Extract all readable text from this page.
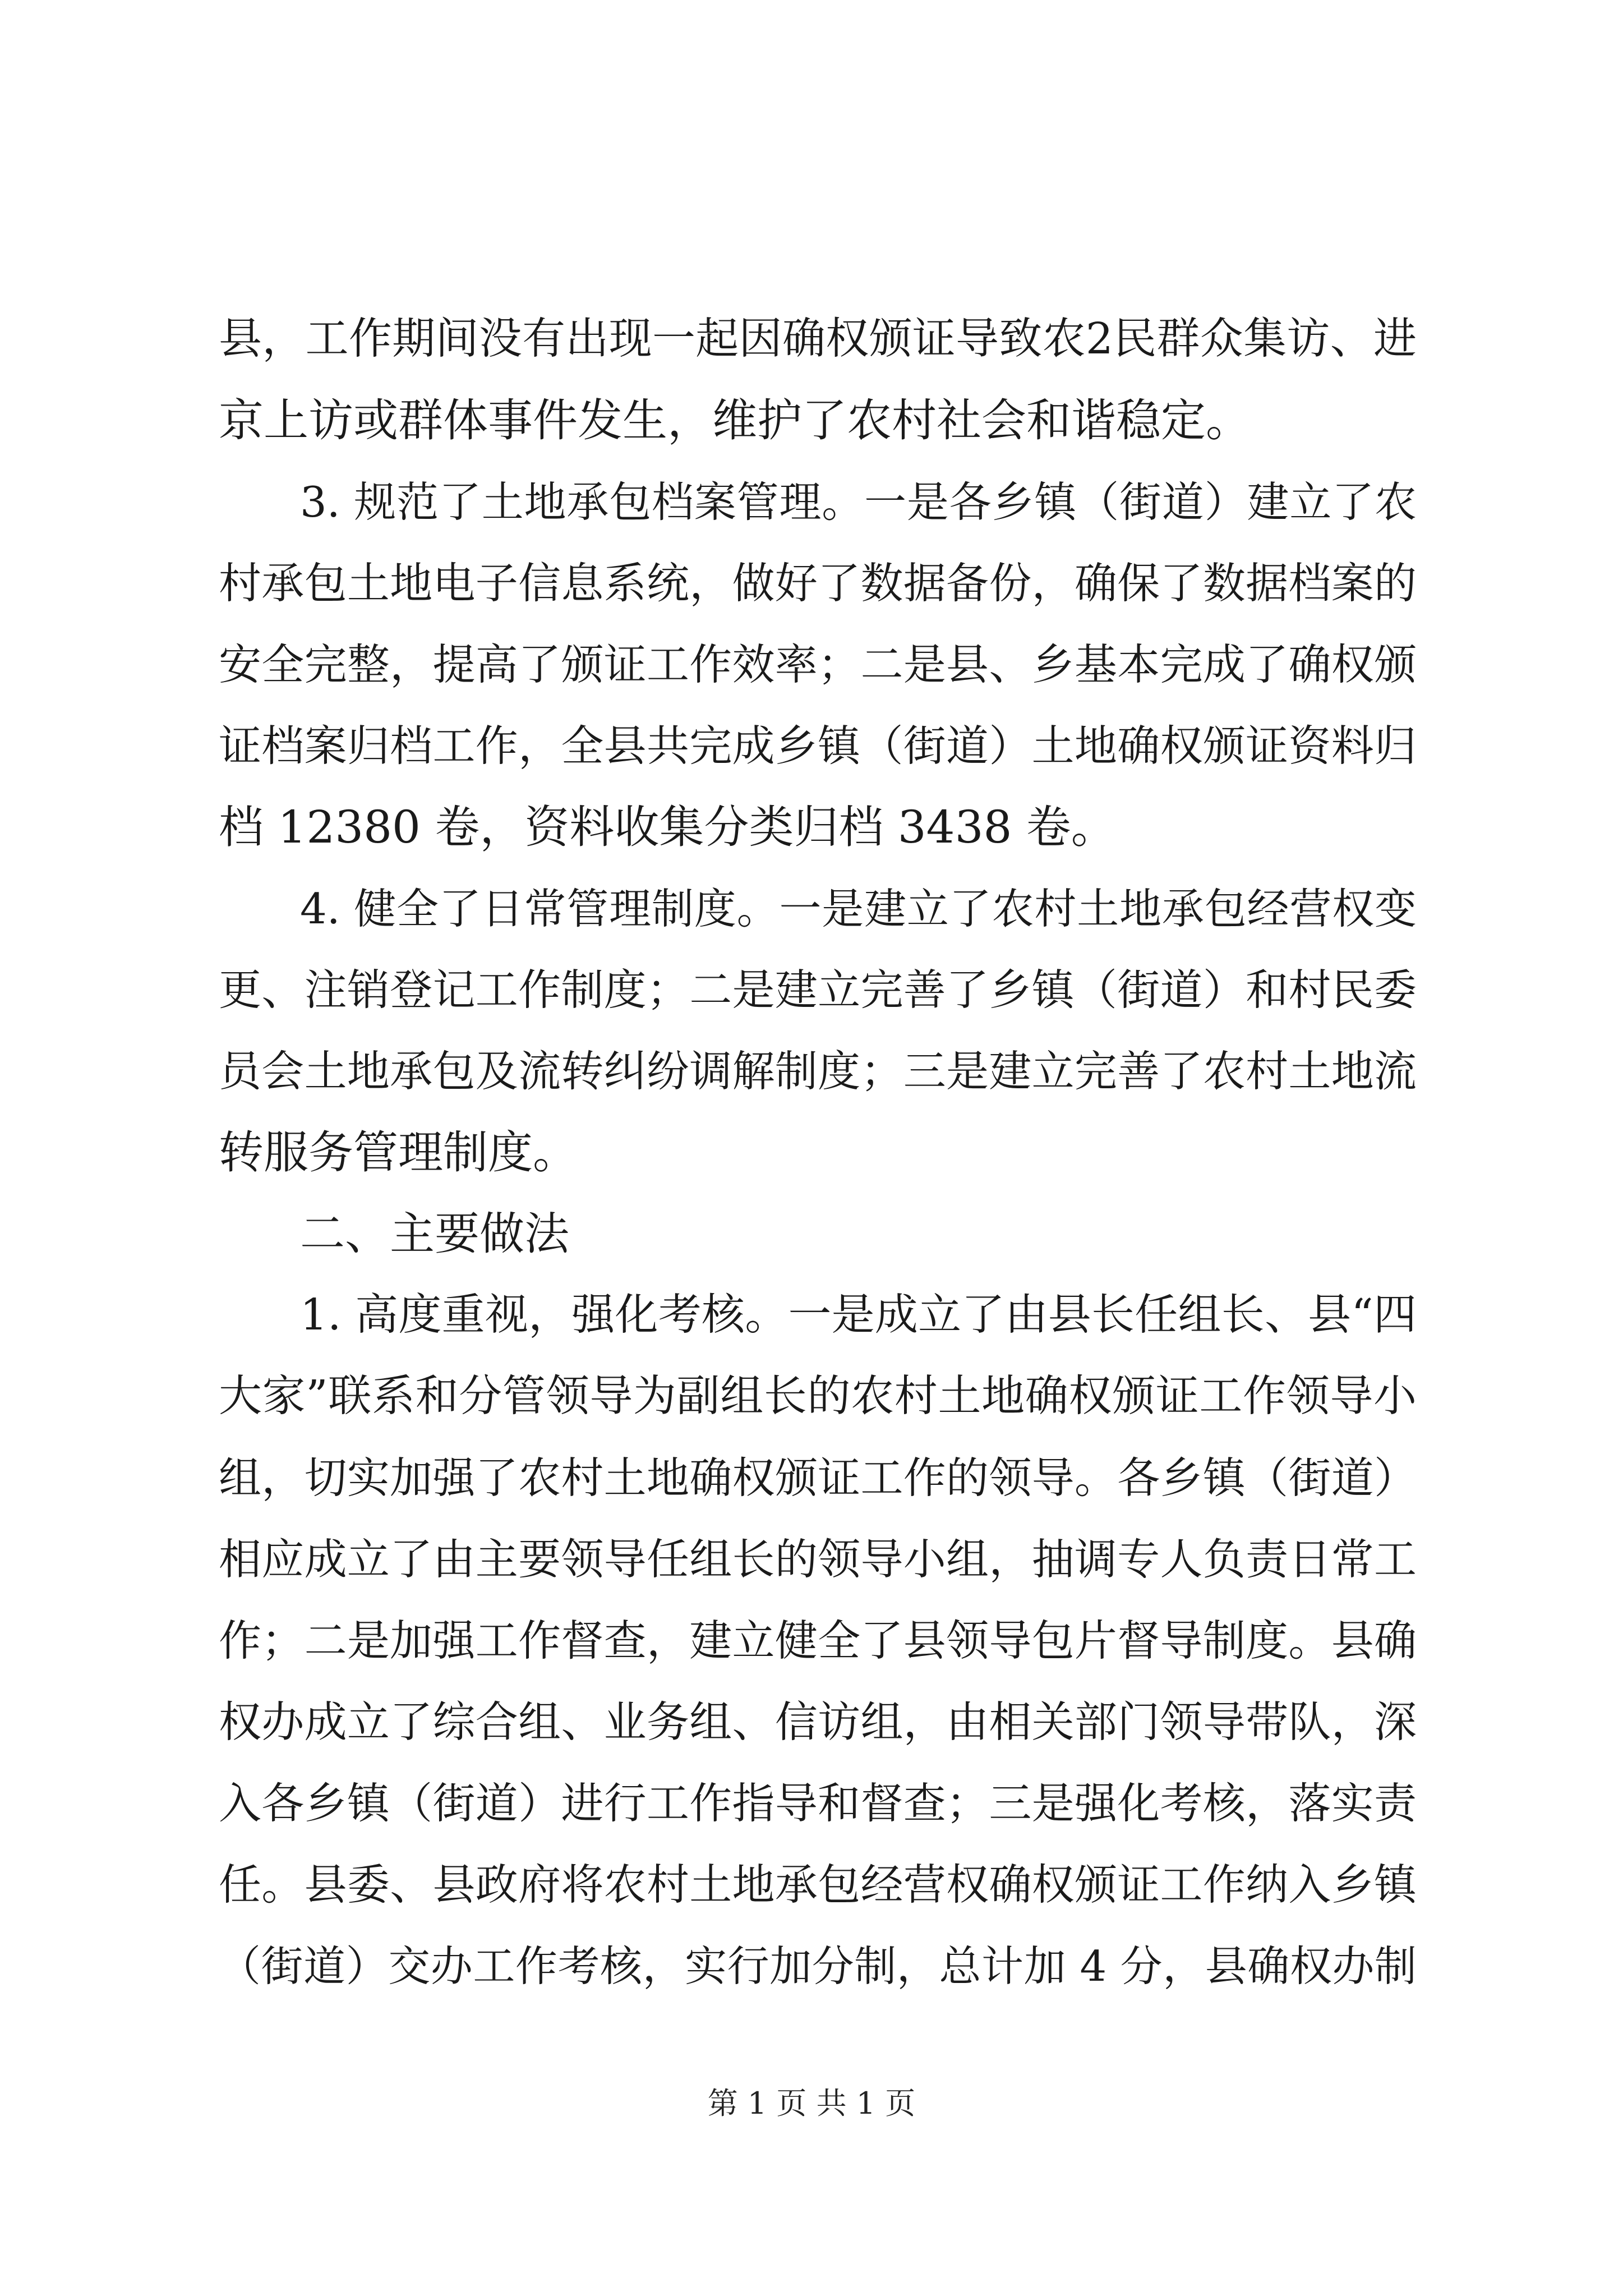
县，工作期间没有出现一起因确权颁证导致农2民群众集访、进
京上访或群体事件发生，维护了农村社会和谐稳定。
3. 规范了土地承包档案管理。一是各乡镇（街道）建立了农
村承包土地电子信息系统，做好了数据备份，确保了数据档案的
安全完整，提高了颁证工作效率；二是县、乡基本完成了确权颁
证档案归档工作，全县共完成乡镇（街道）土地确权颁证资料归
档 12380 卷，资料收集分类归档 3438 卷。
4. 健全了日常管理制度。一是建立了农村土地承包经营权变
更、注销登记工作制度；二是建立完善了乡镇（街道）和村民委
员会土地承包及流转纠纷调解制度；三是建立完善了农村土地流
转服务管理制度。
二、主要做法
1. 高度重视，强化考核。一是成立了由县长任组长、县“四
大家”联系和分管领导为副组长的农村土地确权颁证工作领导小
组，切实加强了农村土地确权颁证工作的领导。各乡镇（街道）
相应成立了由主要领导任组长的领导小组，抽调专人负责日常工
作；二是加强工作督查，建立健全了县领导包片督导制度。县确
权办成立了综合组、业务组、信访组，由相关部门领导带队，深
入各乡镇（街道）进行工作指导和督查；三是强化考核，落实责
任。县委、县政府将农村土地承包经营权确权颁证工作纳入乡镇
（街道）交办工作考核，实行加分制，总计加 4 分，县确权办制
第 1 页 共 1 页
